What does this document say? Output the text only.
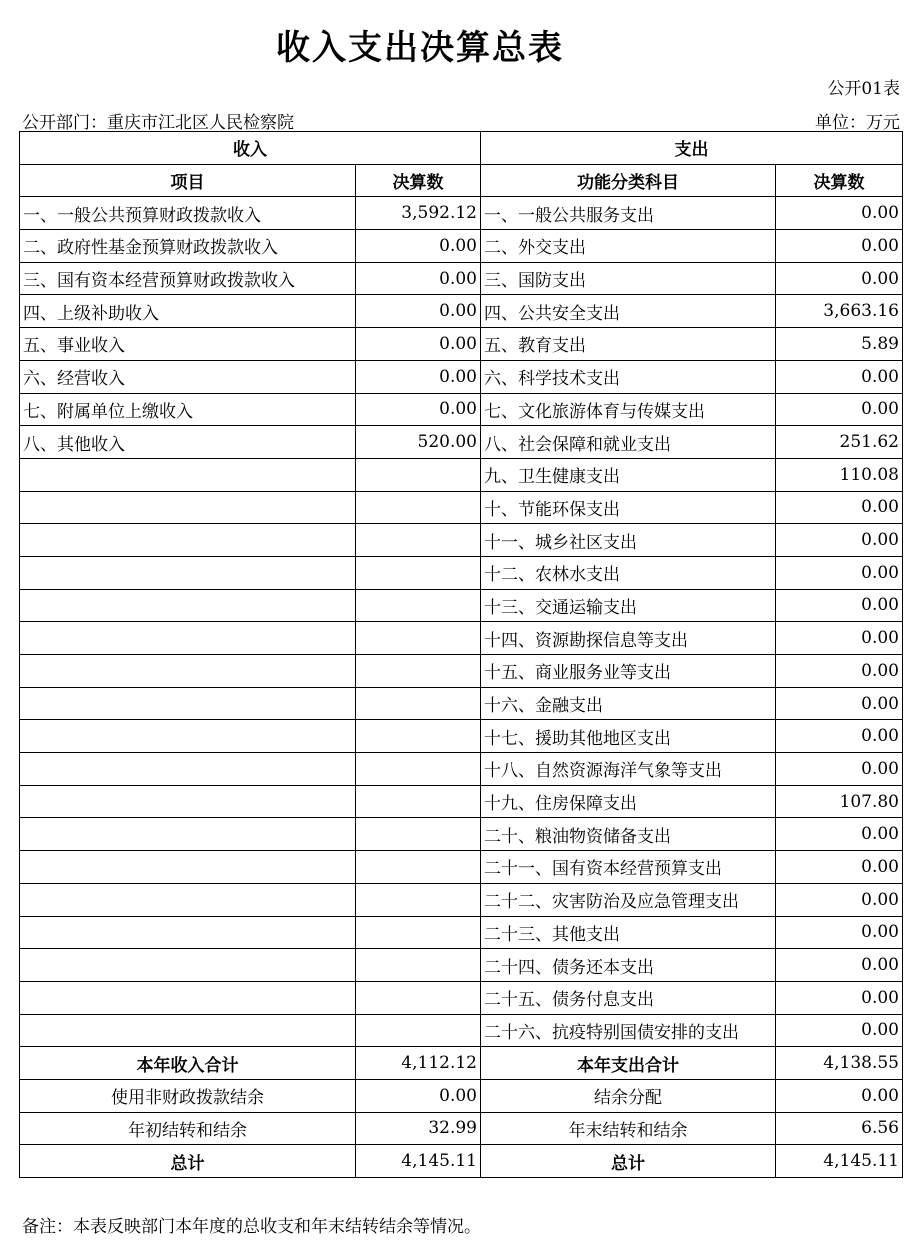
收入支出决算总表
公开01表
公开部门：重庆市江北区人民检察院	单位：万元
收入		支出	
项目	决算数	功能分类科目	决算数
一、一般公共预算财政拨款收入	3,592.12	一、一般公共服务支出	0.00
二、政府性基金预算财政拨款收入	0.00	二、外交支出	0.00
三、国有资本经营预算财政拨款收入	0.00	三、国防支出	0.00
四、上级补助收入	0.00	四、公共安全支出	3,663.16
五、事业收入	0.00	五、教育支出	5.89
六、经营收入	0.00	六、科学技术支出	0.00
七、附属单位上缴收入	0.00	七、文化旅游体育与传媒支出	0.00
八、其他收入	520.00	八、社会保障和就业支出	251.62
		九、卫生健康支出	110.08
		十、节能环保支出	0.00
		十一、城乡社区支出	0.00
		十二、农林水支出	0.00
		十三、交通运输支出	0.00
		十四、资源勘探信息等支出	0.00
		十五、商业服务业等支出	0.00
		十六、金融支出	0.00
		十七、援助其他地区支出	0.00
		十八、自然资源海洋气象等支出	0.00
		十九、住房保障支出	107.80
		二十、粮油物资储备支出	0.00
		二十一、国有资本经营预算支出	0.00
		二十二、灾害防治及应急管理支出	0.00
		二十三、其他支出	0.00
		二十四、债务还本支出	0.00
		二十五、债务付息支出	0.00
		二十六、抗疫特别国债安排的支出	0.00
本年收入合计	4,112.12	本年支出合计	4,138.55
使用非财政拨款结余	0.00	结余分配	0.00
年初结转和结余	32.99	年末结转和结余	6.56
总计	4,145.11	总计	4,145.11
备注：本表反映部门本年度的总收支和年末结转结余等情况。
